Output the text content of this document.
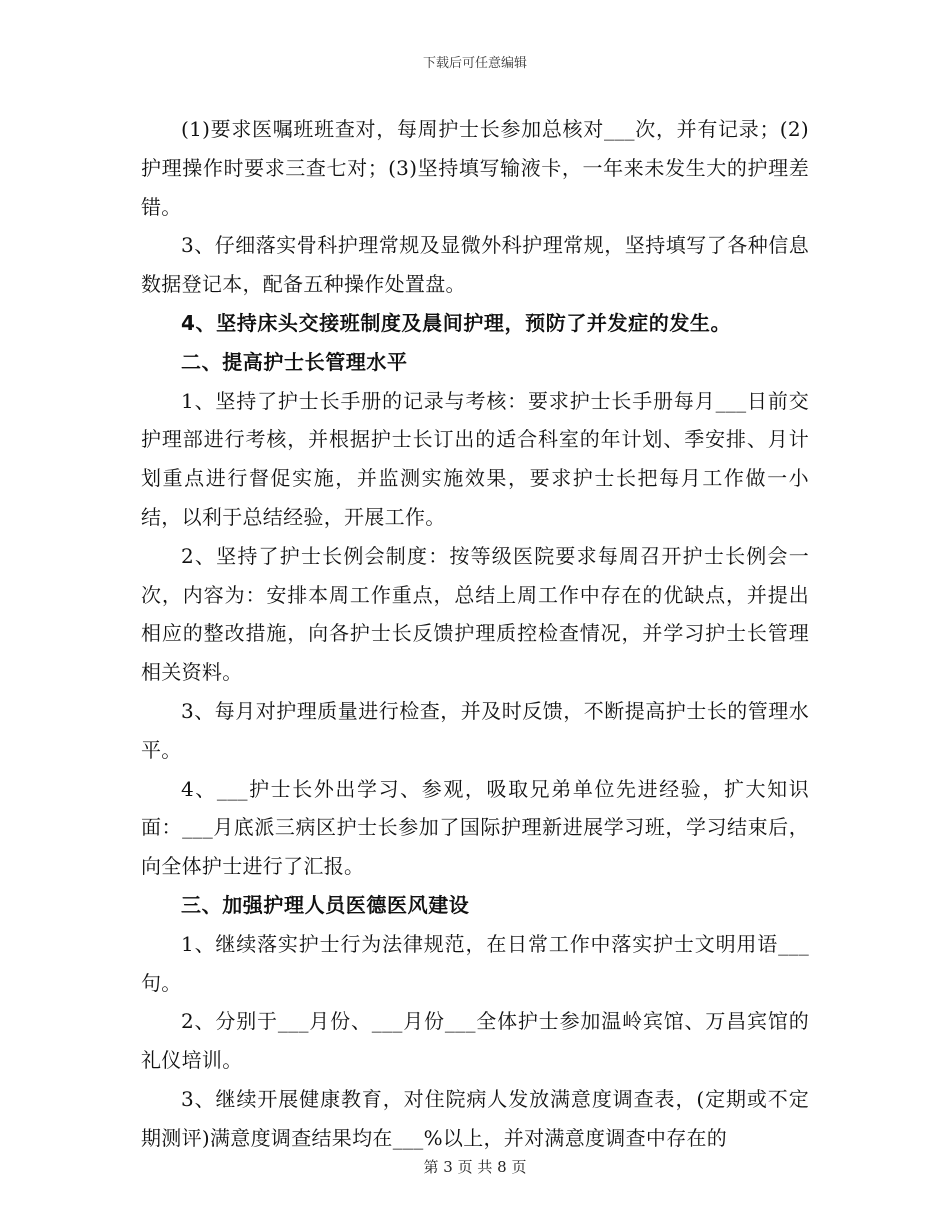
下载后可任意编辑

(1)要求医嘱班班查对，每周护士长参加总核对___次，并有记录；(2)护理操作时要求三查七对；(3)坚持填写输液卡，一年来未发生大的护理差错。

3、仔细落实骨科护理常规及显微外科护理常规，坚持填写了各种信息数据登记本，配备五种操作处置盘。

4、坚持床头交接班制度及晨间护理，预防了并发症的发生。

二、提高护士长管理水平

1、坚持了护士长手册的记录与考核：要求护士长手册每月___日前交护理部进行考核，并根据护士长订出的适合科室的年计划、季安排、月计划重点进行督促实施，并监测实施效果，要求护士长把每月工作做一小结，以利于总结经验，开展工作。

2、坚持了护士长例会制度：按等级医院要求每周召开护士长例会一次，内容为：安排本周工作重点，总结上周工作中存在的优缺点，并提出相应的整改措施，向各护士长反馈护理质控检查情况，并学习护士长管理相关资料。

3、每月对护理质量进行检查，并及时反馈，不断提高护士长的管理水平。

4、___护士长外出学习、参观，吸取兄弟单位先进经验，扩大知识面：___月底派三病区护士长参加了国际护理新进展学习班，学习结束后，向全体护士进行了汇报。

三、加强护理人员医德医风建设

1、继续落实护士行为法律规范，在日常工作中落实护士文明用语___句。

2、分别于___月份、___月份___全体护士参加温岭宾馆、万昌宾馆的礼仪培训。

3、继续开展健康教育，对住院病人发放满意度调查表，(定期或不定期测评)满意度调查结果均在___%以上，并对满意度调查中存在的

第 3 页 共 8 页
